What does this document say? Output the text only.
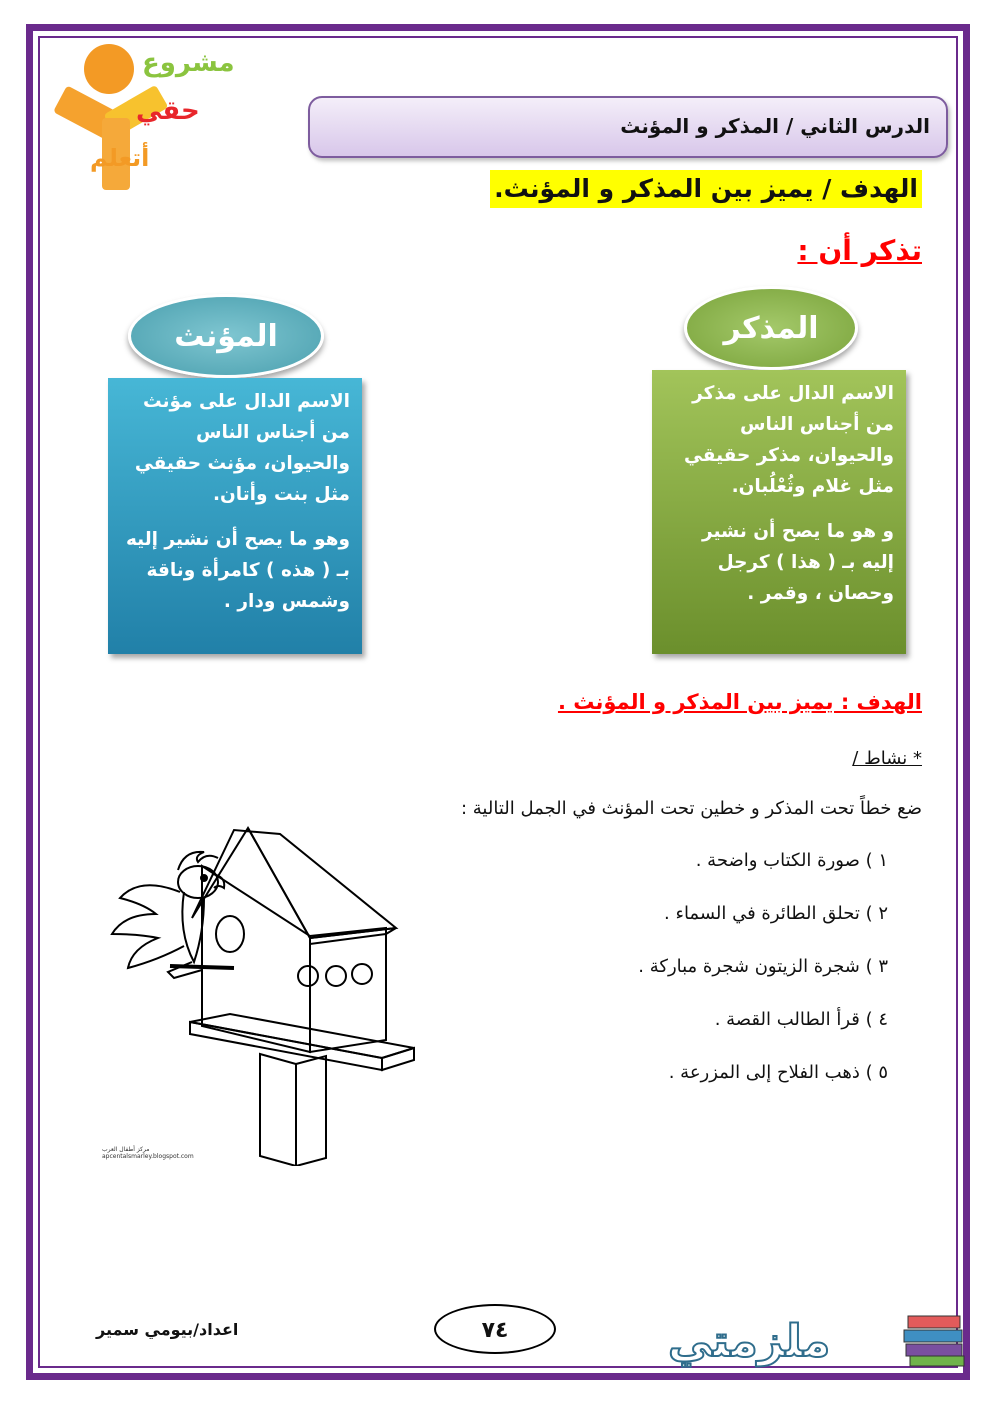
مشروع
حقي
أتعلم
الدرس الثاني / المذكر و المؤنث
الهدف / يميز بين المذكر و المؤنث.
تذكر أن :
المذكر

الاسم الدال على مذكر من أجناس الناس والحيوان، مذكر حقيقي مثل غلام وثُعْلُبان.

و هو ما يصح أن نشير إليه بـ ( هذا ) كرجل وحصان ، وقمر .

المؤنث

الاسم الدال على مؤنث من أجناس الناس والحيوان، مؤنث حقيقي مثل بنت وأتان.

وهو ما يصح أن نشير إليه بـ ( هذه ) كامرأة وناقة وشمس ودار .

الهدف : يميز بين المذكر و المؤنث .
* نشاط /
ضع خطاً تحت المذكر و خطين تحت المؤنث في الجمل التالية :
١ ) صورة الكتاب واضحة .
٢ ) تحلق الطائرة في السماء .
٣ ) شجرة الزيتون شجرة مباركة .
٤ ) قرأ الطالب القصة .
٥ ) ذهب الفلاح إلى المزرعة .
مركز أطفال العرب
apcentalsmarley.blogspot.com
اعداد/بيومي سمير	٧٤	ملزمتي
